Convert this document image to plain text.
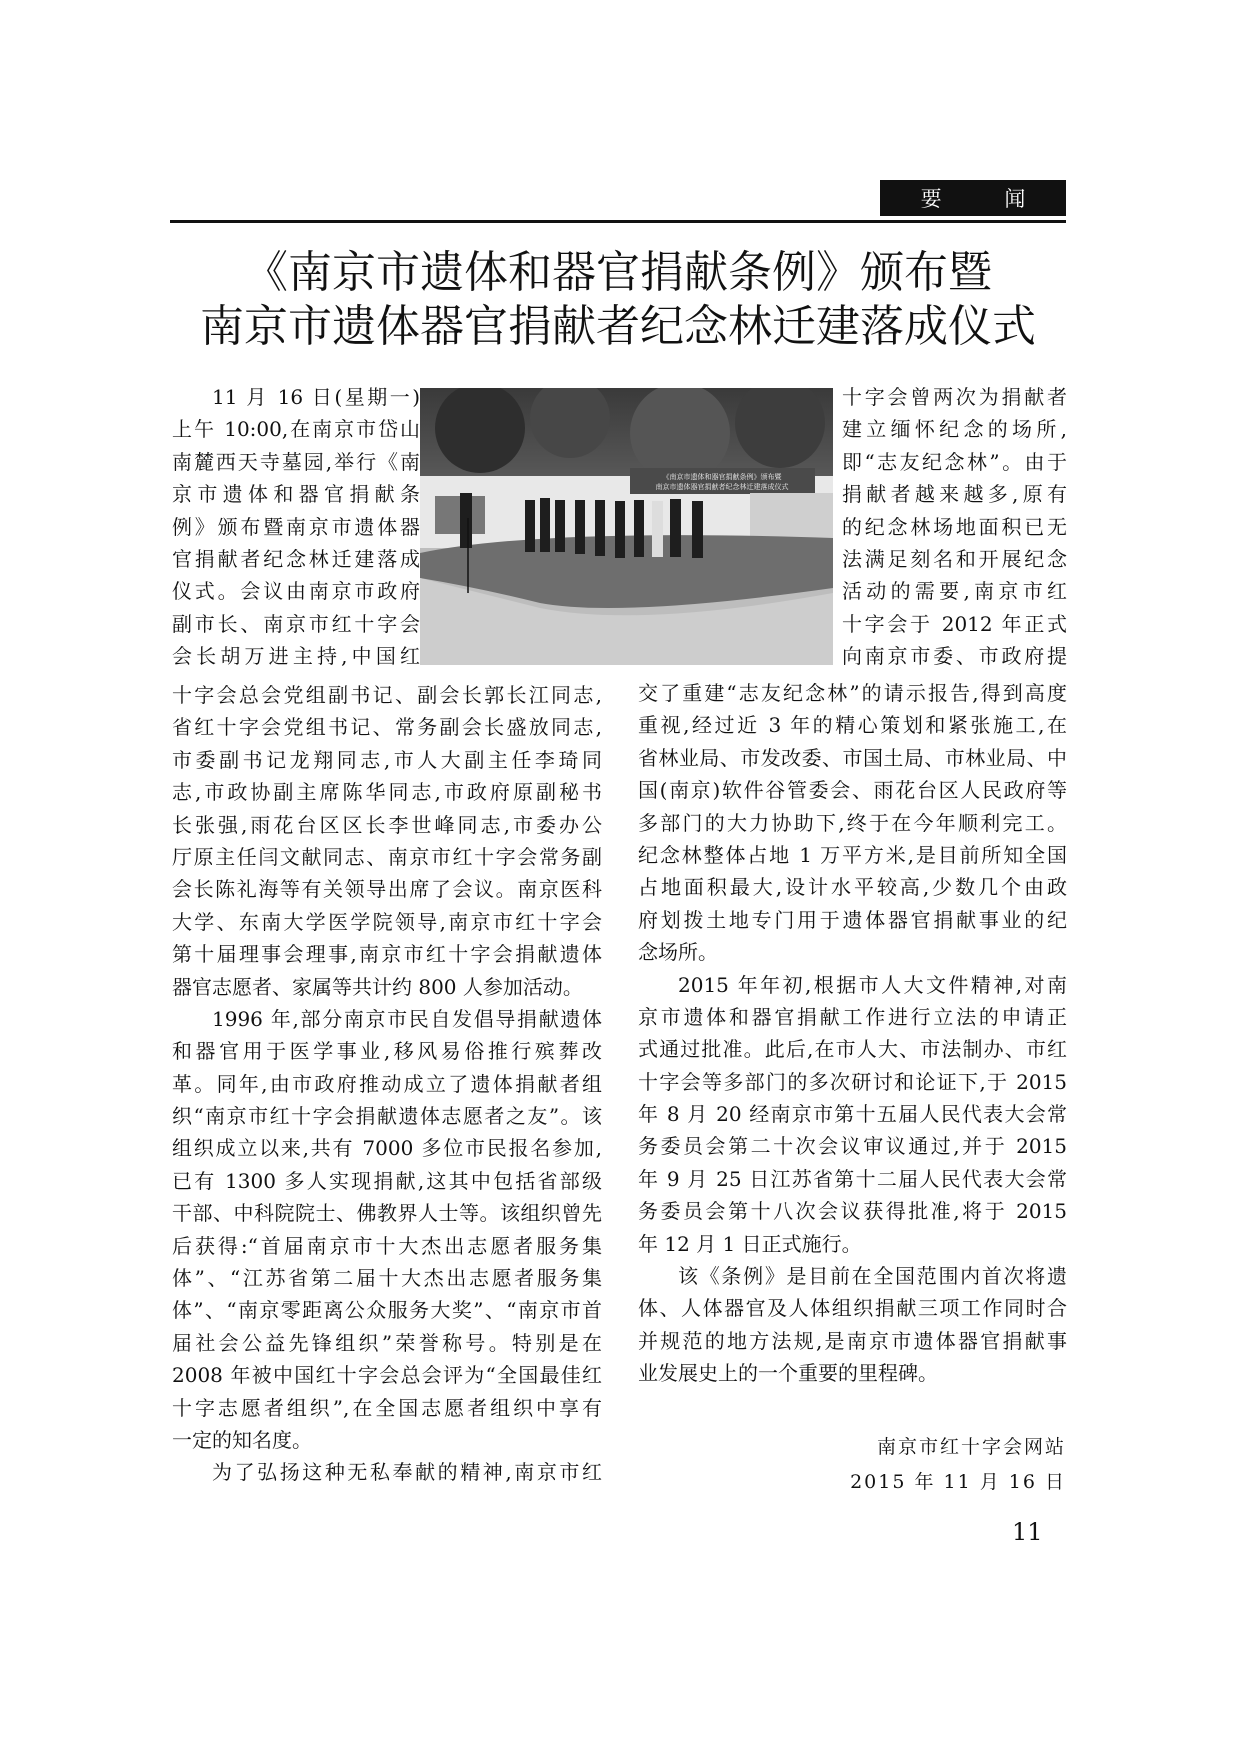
要 闻
《南京市遗体和器官捐献条例》颁布暨
南京市遗体器官捐献者纪念林迁建落成仪式
11 月 16 日(星期一)
上午 10:00,在南京市岱山
南麓西天寺墓园,举行《南
京市遗体和器官捐献条
例》颁布暨南京市遗体器
官捐献者纪念林迁建落成
仪式。会议由南京市政府
副市长、南京市红十字会
会长胡万进主持,中国红
十字会总会党组副书记、副会长郭长江同志,
省红十字会党组书记、常务副会长盛放同志,
市委副书记龙翔同志,市人大副主任李琦同
志,市政协副主席陈华同志,市政府原副秘书
长张强,雨花台区区长李世峰同志,市委办公
厅原主任闫文献同志、南京市红十字会常务副
会长陈礼海等有关领导出席了会议。南京医科
大学、东南大学医学院领导,南京市红十字会
第十届理事会理事,南京市红十字会捐献遗体
器官志愿者、家属等共计约 800 人参加活动。
1996 年,部分南京市民自发倡导捐献遗体
和器官用于医学事业,移风易俗推行殡葬改
革。同年,由市政府推动成立了遗体捐献者组
织“南京市红十字会捐献遗体志愿者之友”。该
组织成立以来,共有 7000 多位市民报名参加,
已有 1300 多人实现捐献,这其中包括省部级
干部、中科院院士、佛教界人士等。该组织曾先
后获得:“首届南京市十大杰出志愿者服务集
体”、“江苏省第二届十大杰出志愿者服务集
体”、“南京零距离公众服务大奖”、“南京市首
届社会公益先锋组织”荣誉称号。特别是在
2008 年被中国红十字会总会评为“全国最佳红
十字志愿者组织”,在全国志愿者组织中享有
一定的知名度。
为了弘扬这种无私奉献的精神,南京市红
十字会曾两次为捐献者
建立缅怀纪念的场所,
即“志友纪念林”。由于
捐献者越来越多,原有
的纪念林场地面积已无
法满足刻名和开展纪念
活动的需要,南京市红
十字会于 2012 年正式
向南京市委、市政府提
交了重建“志友纪念林”的请示报告,得到高度
重视,经过近 3 年的精心策划和紧张施工,在
省林业局、市发改委、市国土局、市林业局、中
国(南京)软件谷管委会、雨花台区人民政府等
多部门的大力协助下,终于在今年顺利完工。
纪念林整体占地 1 万平方米,是目前所知全国
占地面积最大,设计水平较高,少数几个由政
府划拨土地专门用于遗体器官捐献事业的纪
念场所。
2015 年年初,根据市人大文件精神,对南
京市遗体和器官捐献工作进行立法的申请正
式通过批准。此后,在市人大、市法制办、市红
十字会等多部门的多次研讨和论证下,于 2015
年 8 月 20 经南京市第十五届人民代表大会常
务委员会第二十次会议审议通过,并于 2015
年 9 月 25 日江苏省第十二届人民代表大会常
务委员会第十八次会议获得批准,将于 2015
年 12 月 1 日正式施行。
该《条例》是目前在全国范围内首次将遗
体、人体器官及人体组织捐献三项工作同时合
并规范的地方法规,是南京市遗体器官捐献事
业发展史上的一个重要的里程碑。
《南京市遗体和器官捐献条例》颁布暨
南京市遗体器官捐献者纪念林迁建落成仪式
南京市红十字会网站
2015 年 11 月 16 日
11
